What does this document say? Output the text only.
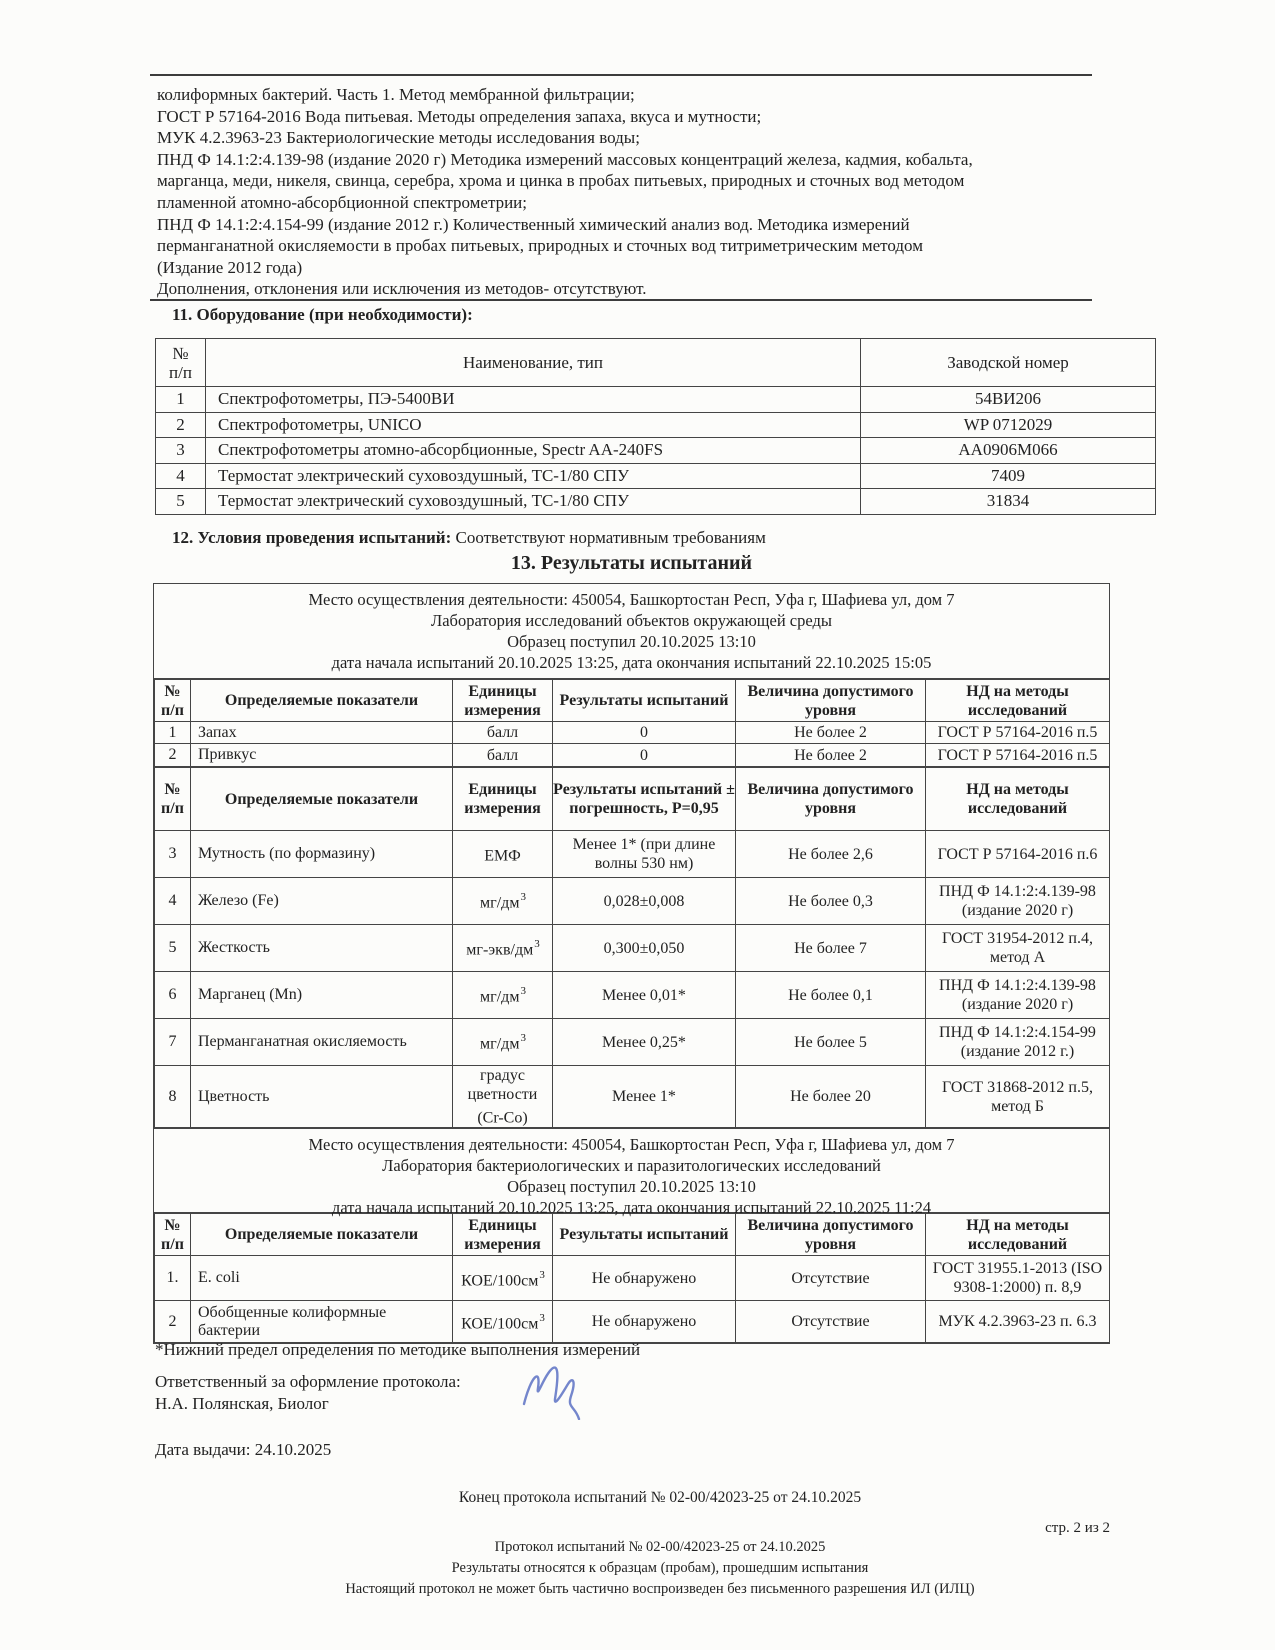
колиформных бактерий. Часть 1. Метод мембранной фильтрации;
ГОСТ Р 57164-2016 Вода питьевая. Методы определения запаха, вкуса и мутности;
МУК 4.2.3963-23 Бактериологические методы исследования воды;
ПНД Ф 14.1:2:4.139-98 (издание 2020 г) Методика измерений массовых концентраций железа, кадмия, кобальта,
марганца, меди, никеля, свинца, серебра, хрома и цинка в пробах питьевых, природных и сточных вод методом
пламенной атомно-абсорбционной спектрометрии;
ПНД Ф 14.1:2:4.154-99 (издание 2012 г.) Количественный химический анализ вод. Методика измерений
перманганатной окисляемости в пробах питьевых, природных и сточных вод титриметрическим методом
(Издание 2012 года)
Дополнения, отклонения или исключения из методов- отсутствуют.
11. Оборудование (при необходимости):
№
п/п	Наименование, тип	Заводской номер
1	Спектрофотометры, ПЭ-5400ВИ	54ВИ206
2	Спектрофотометры, UNICO	WP 0712029
3	Спектрофотометры атомно-абсорбционные, Spectr AA-240FS	AA0906M066
4	Термостат электрический суховоздушный, ТС-1/80 СПУ	7409
5	Термостат электрический суховоздушный, ТС-1/80 СПУ	31834
12. Условия проведения испытаний: Соответствуют нормативным требованиям
13. Результаты испытаний
Место осуществления деятельности: 450054, Башкортостан Респ, Уфа г, Шафиева ул, дом 7
Лаборатория исследований объектов окружающей среды
Образец поступил 20.10.2025 13:10
дата начала испытаний 20.10.2025 13:25, дата окончания испытаний 22.10.2025 15:05
№
п/п	Определяемые показатели	Единицы измерения	Результаты испытаний	Величина допустимого уровня	НД на методы исследований
1	Запах	балл	0	Не более 2	ГОСТ Р 57164-2016 п.5
2	Привкус	балл	0	Не более 2	ГОСТ Р 57164-2016 п.5
№
п/п	Определяемые показатели	Единицы измерения	Результаты испытаний ± погрешность, Р=0,95	Величина допустимого уровня	НД на методы исследований
3	Мутность (по формазину)	ЕМФ	Менее 1* (при длине волны 530 нм)	Не более 2,6	ГОСТ Р 57164-2016 п.6
4	Железо (Fe)	$мг/дм^3$	0,028±0,008	Не более 0,3	ПНД Ф 14.1:2:4.139-98 (издание 2020 г)
5	Жесткость	$мг-экв/дм^3$	0,300±0,050	Не более 7	ГОСТ 31954-2012 п.4, метод А
6	Марганец (Mn)	$мг/дм^3$	Менее 0,01*	Не более 0,1	ПНД Ф 14.1:2:4.139-98 (издание 2020 г)
7	Перманганатная окисляемость	$мг/дм^3$	Менее 0,25*	Не более 5	ПНД Ф 14.1:2:4.154-99 (издание 2012 г.)
8	Цветность	градус цветности (Cr-Co)	Менее 1*	Не более 20	ГОСТ 31868-2012 п.5, метод Б
Место осуществления деятельности: 450054, Башкортостан Респ, Уфа г, Шафиева ул, дом 7
Лаборатория бактериологических и паразитологических исследований
Образец поступил 20.10.2025 13:10
дата начала испытаний 20.10.2025 13:25, дата окончания испытаний 22.10.2025 11:24
№
п/п	Определяемые показатели	Единицы измерения	Результаты испытаний	Величина допустимого уровня	НД на методы исследований
1.	E. coli	КОЕ/$100см^3$	Не обнаружено	Отсутствие	ГОСТ 31955.1-2013 (ISO 9308-1:2000) п. 8,9
2	Обобщенные колиформные бактерии	КОЕ/$100см^3$	Не обнаружено	Отсутствие	МУК 4.2.3963-23 п. 6.3
*Нижний предел определения по методике выполнения измерений
Ответственный за оформление протокола:
Н.А. Полянская, Биолог
Дата выдачи: 24.10.2025
Конец протокола испытаний № 02-00/42023-25 от 24.10.2025
стр. 2 из 2
Протокол испытаний № 02-00/42023-25 от 24.10.2025
Результаты относятся к образцам (пробам), прошедшим испытания
Настоящий протокол не может быть частично воспроизведен без письменного разрешения ИЛ (ИЛЦ)
